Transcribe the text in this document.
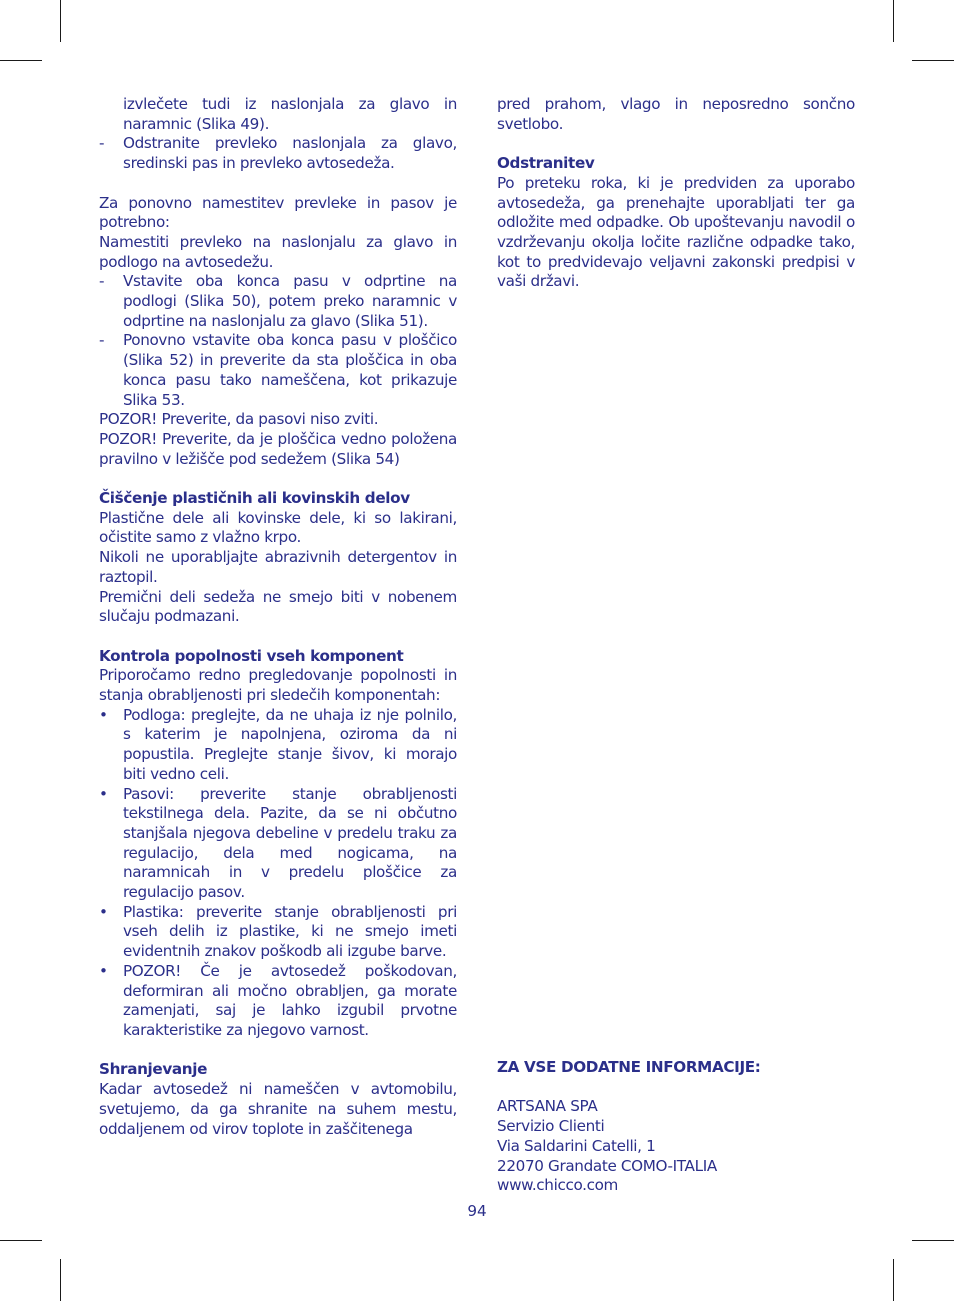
izvlečete tudi iz naslonjala za glavo in naramnic (Slika 49).

- Odstranite prevleko naslonjala za glavo, sredinski pas in prevleko avtosedeža.

Za ponovno namestitev prevleke in pasov je potrebno:

Namestiti prevleko na naslonjalu za glavo in podlogo na avtosedežu.

- Vstavite oba konca pasu v odprtine na podlogi (Slika 50), potem preko naramnic v odprtine na naslonjalu za glavo (Slika 51).
- Ponovno vstavite oba konca pasu v ploščico (Slika 52) in preverite da sta ploščica in oba konca pasu tako nameščena, kot prikazuje Slika 53.

POZOR! Preverite, da pasovi niso zviti.

POZOR! Preverite, da je ploščica vedno položena pravilno v ležišče pod sedežem (Slika 54)

Čiščenje plastičnih ali kovinskih delov

Plastične dele ali kovinske dele, ki so lakirani, očistite samo z vlažno krpo.

Nikoli ne uporabljajte abrazivnih detergentov in raztopil.

Premični deli sedeža ne smejo biti v nobenem slučaju podmazani.

Kontrola popolnosti vseh komponent

Priporočamo redno pregledovanje popolnosti in stanja obrabljenosti pri sledečih komponentah:

• Podloga: preglejte, da ne uhaja iz nje polnilo, s katerim je napolnjena, oziroma da ni popustila. Preglejte stanje šivov, ki morajo biti vedno celi.
• Pasovi: preverite stanje obrabljenosti tekstilnega dela. Pazite, da se ni občutno stanjšala njegova debeline v predelu traku za regulacijo, dela med nogicama, na naramnicah in v predelu ploščice za regulacijo pasov.
• Plastika: preverite stanje obrabljenosti pri vseh delih iz plastike, ki ne smejo imeti evidentnih znakov poškodb ali izgube barve.
• POZOR! Če je avtosedež poškodovan, deformiran ali močno obrabljen, ga morate zamenjati, saj je lahko izgubil prvotne karakteristike za njegovo varnost.
Shranjevanje

Kadar avtosedež ni nameščen v avtomobilu, svetujemo, da ga shranite na suhem mestu, oddaljenem od virov toplote in zaščitenega

pred prahom, vlago in neposredno sončno svetlobo.

Odstranitev

Po preteku roka, ki je predviden za uporabo avtosedeža, ga prenehajte uporabljati ter ga odložite med odpadke. Ob upoštevanju navodil o vzdrževanju okolja ločite različne odpadke tako, kot to predvidevajo veljavni zakonski predpisi v vaši državi.

ZA VSE DODATNE INFORMACIJE:

ARTSANA SPA

Servizio Clienti

Via Saldarini Catelli, 1

22070 Grandate COMO-ITALIA

www.chicco.com

94
